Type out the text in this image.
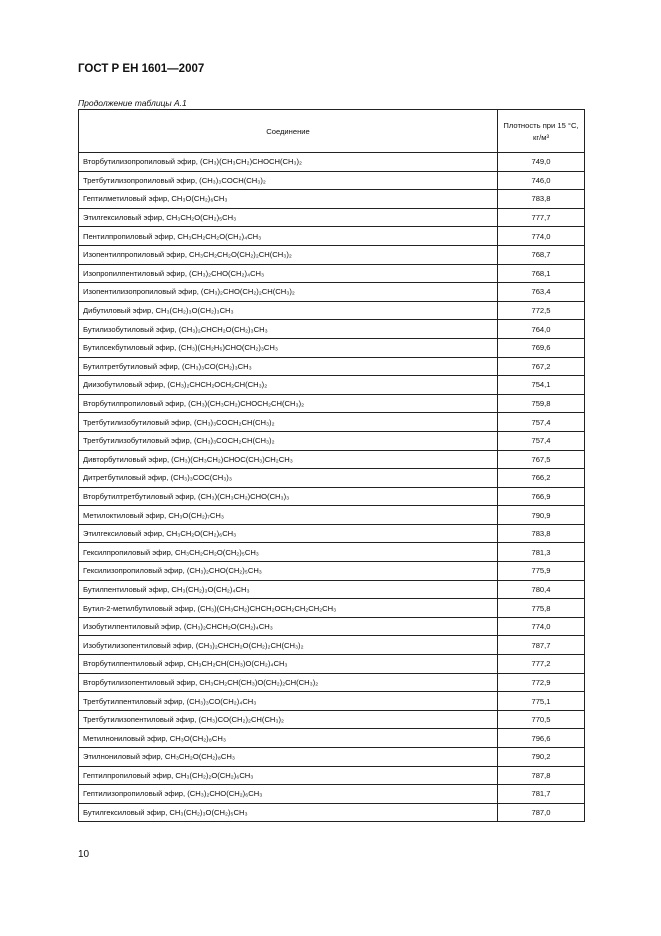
ГОСТ Р ЕН 1601—2007
Продолжение таблицы А.1
Соединение	Плотность при 15 °С,
кг/м³

Вторбутилизопропиловый эфир, (CH₃)(CH₃CH₂)CHOCH(CH₃)₂	749,0
Третбутилизопропиловый эфир, (CH₃)₃COCH(CH₃)₂	746,0
Гептилметиловый эфир, CH₃O(CH₂)₆CH₃	783,8
Этилгексиловый эфир, CH₃CH₂O(CH₂)₅CH₃	777,7
Пентилпропиловый эфир, CH₃CH₂CH₂O(CH₂)₄CH₃	774,0
Изопентилпропиловый эфир, CH₃CH₂CH₂O(CH₂)₂CH(CH₃)₂	768,7
Изопропилпентиловый эфир, (CH₃)₂CHO(CH₂)₄CH₃	768,1
Изопентилизопропиловый эфир, (CH₃)₂CHO(CH₂)₂CH(CH₃)₂	763,4
Дибутиловый эфир, CH₃(CH₂)₃O(CH₂)₃CH₃	772,5
Бутилизобутиловый эфир, (CH₃)₂CHCH₂O(CH₂)₃CH₃	764,0
Бутилсекбутиловый эфир, (CH₃)(CH₂H₅)CHO(CH₂)₃CH₃	769,6
Бутилтретбутиловый эфир, (CH₃)₃CO(CH₂)₃CH₃	767,2
Диизобутиловый эфир, (CH₃)₂CHCH₂OCH₂CH(CH₃)₂	754,1
Вторбутилпропиловый эфир, (CH₃)(CH₃CH₂)CHOCH₂CH(CH₃)₂	759,8
Третбутилизобутиловый эфир, (CH₃)₃COCH₂CH(CH₃)₂	757,4
Третбутилизобутиловый эфир, (CH₃)₃COCH₂CH(CH₃)₂	757,4
Дивторбутиловый эфир, (CH₃)(CH₃CH₂)CHOC(CH₃)CH₂CH₃	767,5
Дитретбутиловый эфир, (CH₃)₃COC(CH₃)₃	766,2
Вторбутилтретбутиловый эфир, (CH₃)(CH₃CH₂)CHO(CH₃)₃	766,9
Метилоктиловый эфир, CH₃O(CH₂)₇CH₃	790,9
Этилгексиловый эфир, CH₃CH₂O(CH₂)₆CH₃	783,8
Гексилпропиловый эфир, CH₃CH₂CH₂O(CH₂)₅CH₃	781,3
Гексилизопропиловый эфир, (CH₃)₂CHO(CH₂)₅CH₃	775,9
Бутилпентиловый эфир, CH₃(CH₂)₃O(CH₂)₄CH₃	780,4
Бутил-2-метилбутиловый эфир, (CH₃)(CH₃CH₂)CHCH₂OCH₂CH₂CH₂CH₃	775,8
Изобутилпентиловый эфир, (CH₃)₂CHCH₂O(CH₂)₄CH₃	774,0
Изобутилизопентиловый эфир, (CH₃)₂CHCH₂O(CH₂)₂CH(CH₃)₂	787,7
Вторбутилпентиловый эфир, CH₃CH₂CH(CH₃)O(CH₂)₄CH₃	777,2
Вторбутилизопентиловый эфир, CH₃CH₂CH(CH₃)O(CH₂)₂CH(CH₃)₂	772,9
Третбутилпентиловый эфир, (CH₃)₃CO(CH₂)₄CH₃	775,1
Третбутилизопентиловый эфир, (CH₃)CO(CH₂)₂CH(CH₃)₂	770,5
Метилнониловый эфир, CH₃O(CH₂)₈CH₃	796,6
Этилнониловый эфир, CH₃CH₂O(CH₂)₈CH₃	790,2
Гептилпропиловый эфир, CH₃(CH₂)₂O(CH₂)₆CH₃	787,8
Гептилизопропиловый эфир, (CH₃)₂CHO(CH₂)₆CH₃	781,7
Бутилгексиловый эфир, CH₃(CH₂)₃O(CH₂)₅CH₃	787,0
10
